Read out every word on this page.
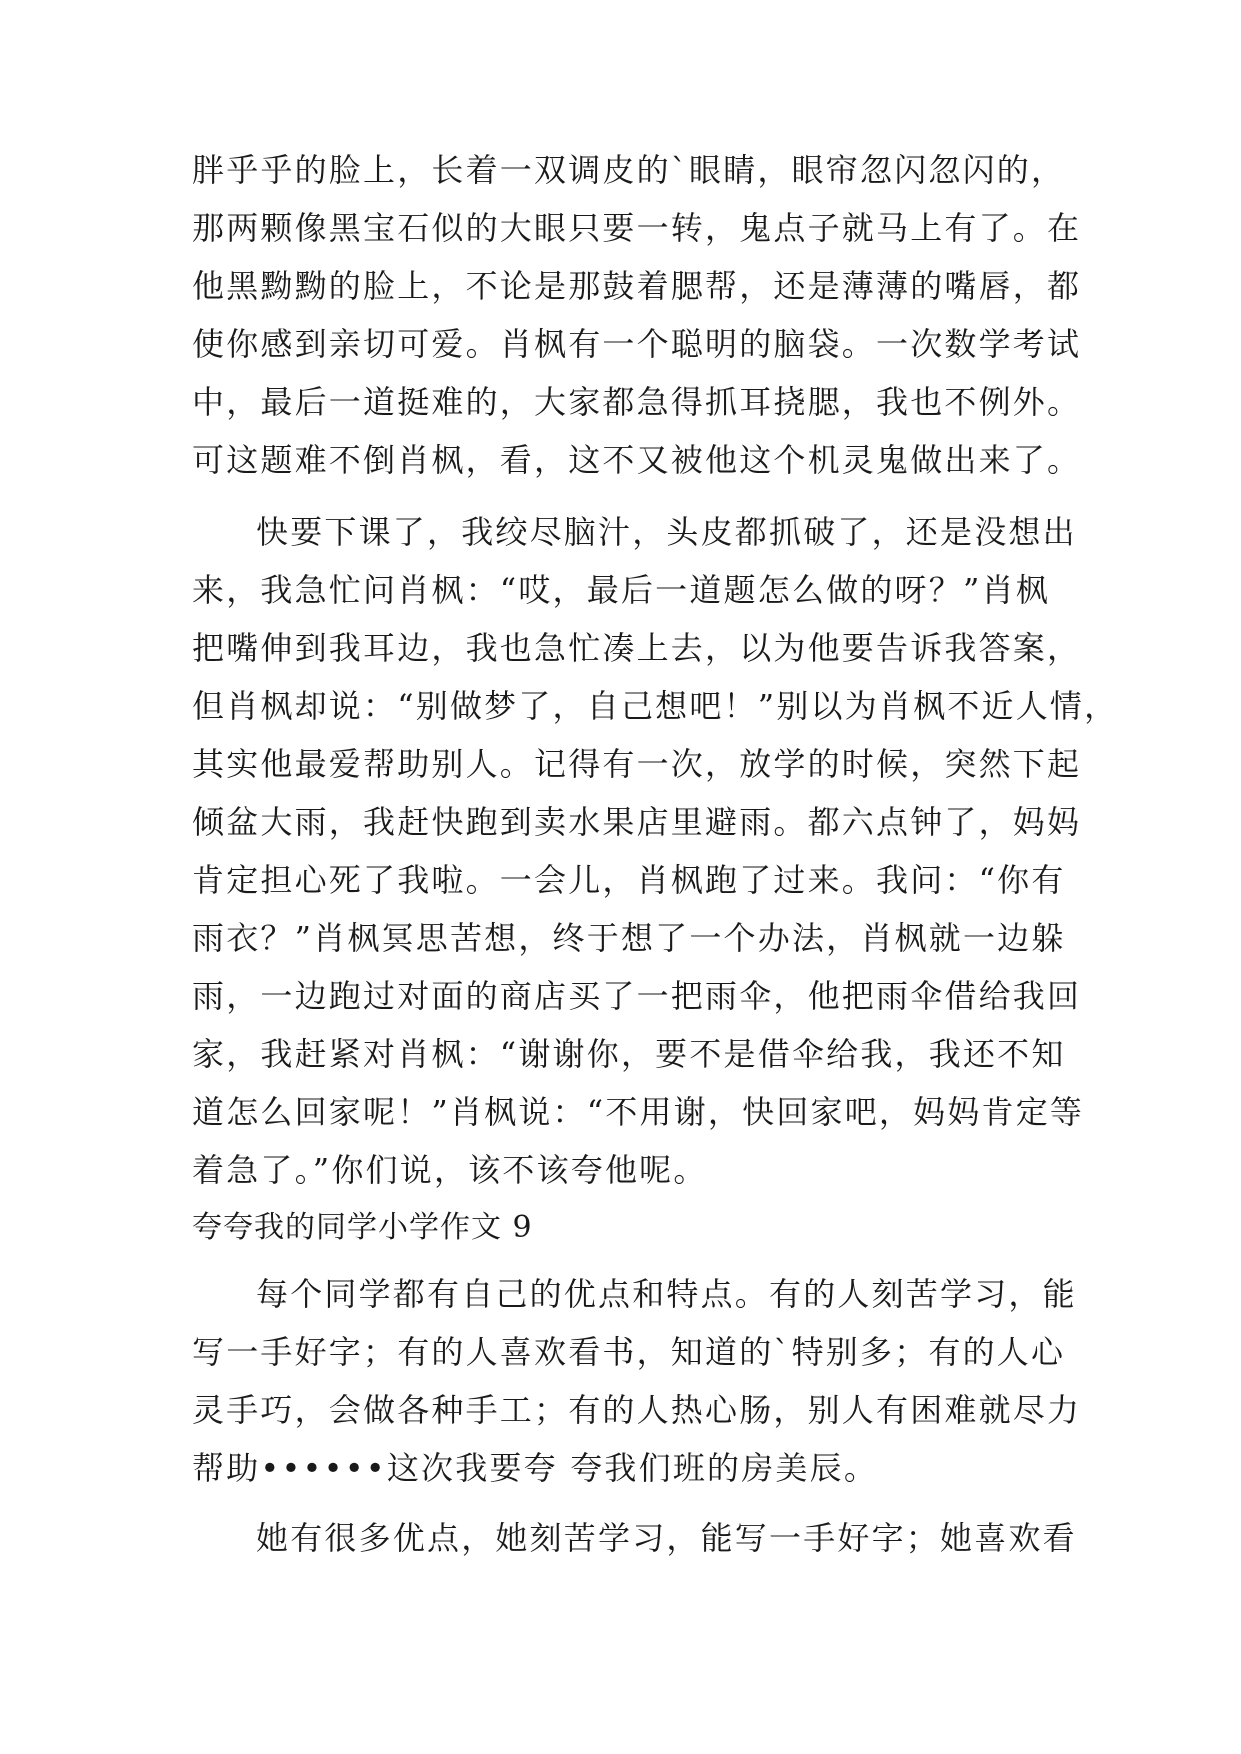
胖乎乎的脸上，长着一双调皮的`眼睛，眼帘忽闪忽闪的，
那两颗像黑宝石似的大眼只要一转，鬼点子就马上有了。在
他黑黝黝的脸上，不论是那鼓着腮帮，还是薄薄的嘴唇，都
使你感到亲切可爱。肖枫有一个聪明的脑袋。一次数学考试
中，最后一道挺难的，大家都急得抓耳挠腮，我也不例外。
可这题难不倒肖枫，看，这不又被他这个机灵鬼做出来了。
快要下课了，我绞尽脑汁，头皮都抓破了，还是没想出
来，我急忙问肖枫：“哎，最后一道题怎么做的呀？”肖枫
把嘴伸到我耳边，我也急忙凑上去，以为他要告诉我答案，
但肖枫却说：“别做梦了，自己想吧！”别以为肖枫不近人情，
其实他最爱帮助别人。记得有一次，放学的时候，突然下起
倾盆大雨，我赶快跑到卖水果店里避雨。都六点钟了，妈妈
肯定担心死了我啦。一会儿，肖枫跑了过来。我问：“你有
雨衣？”肖枫冥思苦想，终于想了一个办法，肖枫就一边躲
雨，一边跑过对面的商店买了一把雨伞，他把雨伞借给我回
家，我赶紧对肖枫：“谢谢你，要不是借伞给我，我还不知
道怎么回家呢！”肖枫说：“不用谢，快回家吧，妈妈肯定等
着急了。”你们说，该不该夸他呢。
夸夸我的同学小学作文 9
每个同学都有自己的优点和特点。有的人刻苦学习，能
写一手好字；有的人喜欢看书，知道的`特别多；有的人心
灵手巧，会做各种手工；有的人热心肠，别人有困难就尽力
帮助••••••这次我要夸 夸我们班的房美辰。
她有很多优点，她刻苦学习，能写一手好字；她喜欢看
